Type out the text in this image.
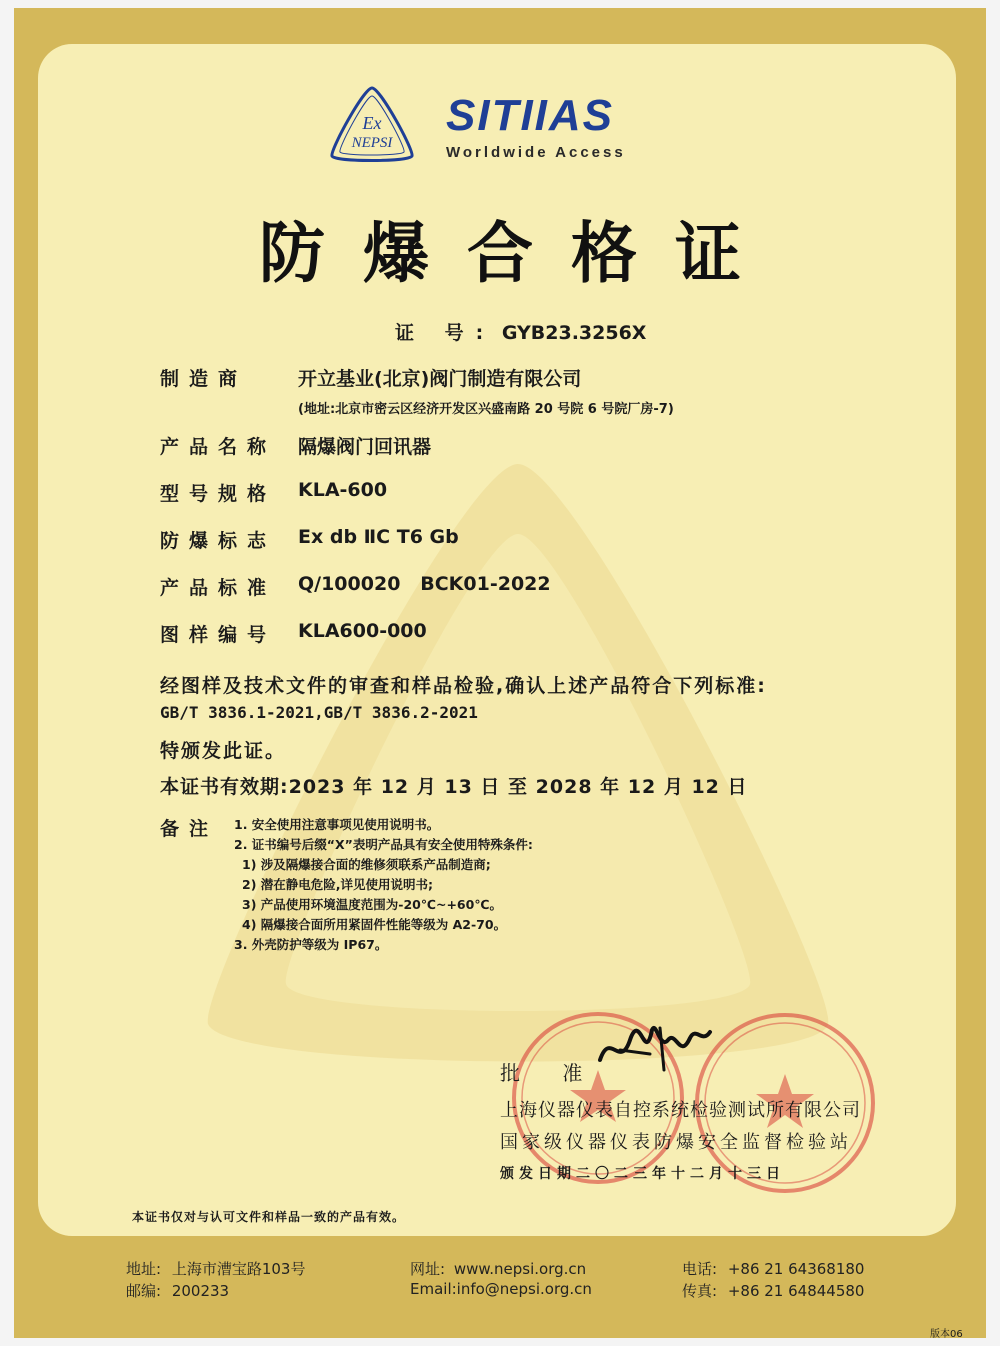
Ex
NEPSI
SITIIAS
Worldwide Access
防爆合格证
证 号: GYB23.3256X
制造商	开立基业(北京)阀门制造有限公司
(地址:北京市密云区经济开发区兴盛南路 20 号院 6 号院厂房-7)
产品名称 隔爆阀门回讯器
型号规格 KLA-600
防爆标志 Ex db ⅡC T6 Gb
产品标准 Q/100020   BCK01-2022
图样编号 KLA600-000
经图样及技术文件的审查和样品检验,确认上述产品符合下列标准:
GB/T 3836.1-2021,GB/T 3836.2-2021
特颁发此证。
本证书有效期:2023 年 12 月 13 日 至 2028 年 12 月 12 日
备注 1. 安全使用注意事项见使用说明书。
2. 证书编号后缀“X”表明产品具有安全使用特殊条件:
1) 涉及隔爆接合面的维修须联系产品制造商;
2) 潜在静电危险,详见使用说明书;
3) 产品使用环境温度范围为-20℃~+60℃。
4) 隔爆接合面所用紧固件性能等级为 A2-70。
3. 外壳防护等级为 IP67。
批 准
上海仪器仪表自控系统检验测试所有限公司
国家级仪器仪表防爆安全监督检验站
颁发日期二〇二三年十二月十三日
本证书仅对与认可文件和样品一致的产品有效。
地址: 上海市漕宝路103号
邮编: 200233
网址: www.nepsi.org.cn
Email:info@nepsi.org.cn
电话: +86 21 64368180
传真: +86 21 64844580
版本06
